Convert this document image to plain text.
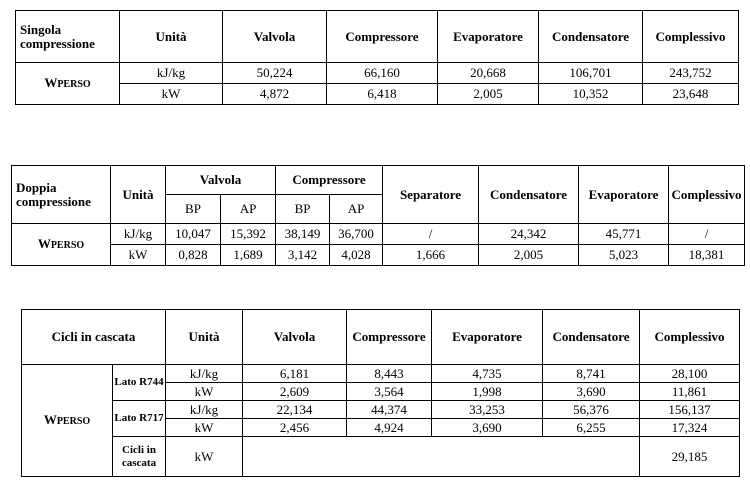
Singola compressione	Unità	Valvola	Compressore	Evaporatore	Condensatore	Complessivo
WPERSO	kJ/kg	50,224	66,160	20,668	106,701	243,752
	kW	4,872	6,418	2,005	10,352	23,648
Doppia compressione	Unità	Valvola		Compressore		Separatore	Condensatore	Evaporatore	Complessivo
		BP	AP	BP	AP				
WPERSO	kJ/kg	10,047	15,392	38,149	36,700	/	24,342	45,771	/
	kW	0,828	1,689	3,142	4,028	1,666	2,005	5,023	18,381
Cicli in cascata		Unità	Valvola	Compressore	Evaporatore	Condensatore	Complessivo
WPERSO	Lato R744	kJ/kg	6,181	8,443	4,735	8,741	28,100
		kW	2,609	3,564	1,998	3,690	11,861
	Lato R717	kJ/kg	22,134	44,374	33,253	56,376	156,137
		kW	2,456	4,924	3,690	6,255	17,324
	Cicli in cascata	kW					29,185
